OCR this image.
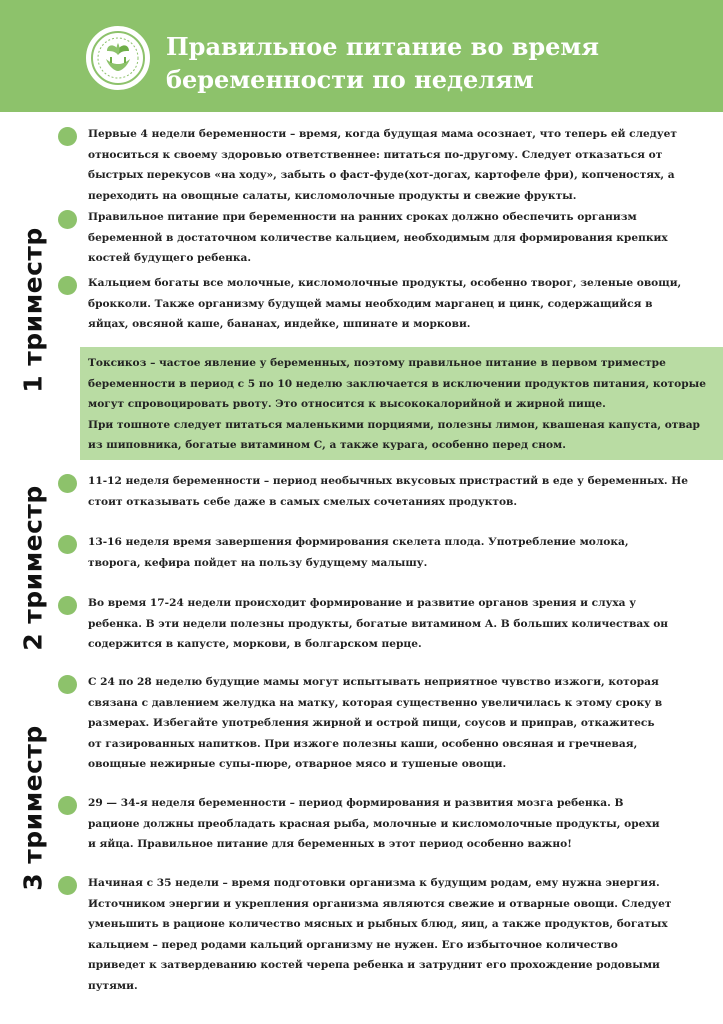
Правильное питание во время
беременности по неделям
1 триместр
2 триместр
3 триместр
Первые 4 недели беременности – время, когда будущая мама осознает, что теперь ей следует
относиться к своему здоровью ответственнее: питаться по-другому. Следует отказаться от
быстрых перекусов «на ходу», забыть о фаст-фуде(хот-догах, картофеле фри), копченостях, а
переходить на овощные салаты, кисломолочные продукты и свежие фрукты.
Правильное питание при беременности на ранних сроках должно обеспечить организм
беременной в достаточном количестве кальцием, необходимым для формирования крепких
костей будущего ребенка.
Кальцием богаты все молочные, кисломолочные продукты, особенно творог, зеленые овощи,
брокколи. Также организму будущей мамы необходим марганец и цинк, содержащийся в
яйцах, овсяной каше, бананах, индейке, шпинате и моркови.
Токсикоз – частое явление у беременных, поэтому правильное питание в первом триместре
беременности в период с 5 по 10 неделю заключается в исключении продуктов питания, которые
могут спровоцировать рвоту. Это относится к высококалорийной и жирной пище.
При тошноте следует питаться маленькими порциями, полезны лимон, квашеная капуста, отвар
из шиповника, богатые витамином С, а также курага, особенно перед сном.
11-12 неделя беременности – период необычных вкусовых пристрастий в еде у беременных. Не
стоит отказывать себе даже в самых смелых сочетаниях продуктов.
13-16 неделя время завершения формирования скелета плода. Употребление молока,
творога, кефира пойдет на пользу будущему малышу.
Во время 17-24 недели происходит формирование и развитие органов зрения и слуха у
ребенка. В эти недели полезны продукты, богатые витамином А. В больших количествах он
содержится в капусте, моркови, в болгарском перце.
С 24 по 28 неделю будущие мамы могут испытывать неприятное чувство изжоги, которая
связана с давлением желудка на матку, которая существенно увеличилась к этому сроку в
размерах. Избегайте употребления жирной и острой пищи, соусов и приправ, откажитесь
от газированных напитков. При изжоге полезны каши, особенно овсяная и гречневая,
овощные нежирные супы-пюре, отварное мясо и тушеные овощи.
29 — 34-я неделя беременности – период формирования и развития мозга ребенка. В
рационе должны преобладать красная рыба, молочные и кисломолочные продукты, орехи
и яйца. Правильное питание для беременных в этот период особенно важно!
Начиная с 35 недели – время подготовки организма к будущим родам, ему нужна энергия.
Источником энергии и укрепления организма являются свежие и отварные овощи. Следует
уменьшить в рационе количество мясных и рыбных блюд, яиц, а также продуктов, богатых
кальцием – перед родами кальций организму не нужен. Его избыточное количество
приведет к затвердеванию костей черепа ребенка и затруднит его прохождение родовыми
путями.
